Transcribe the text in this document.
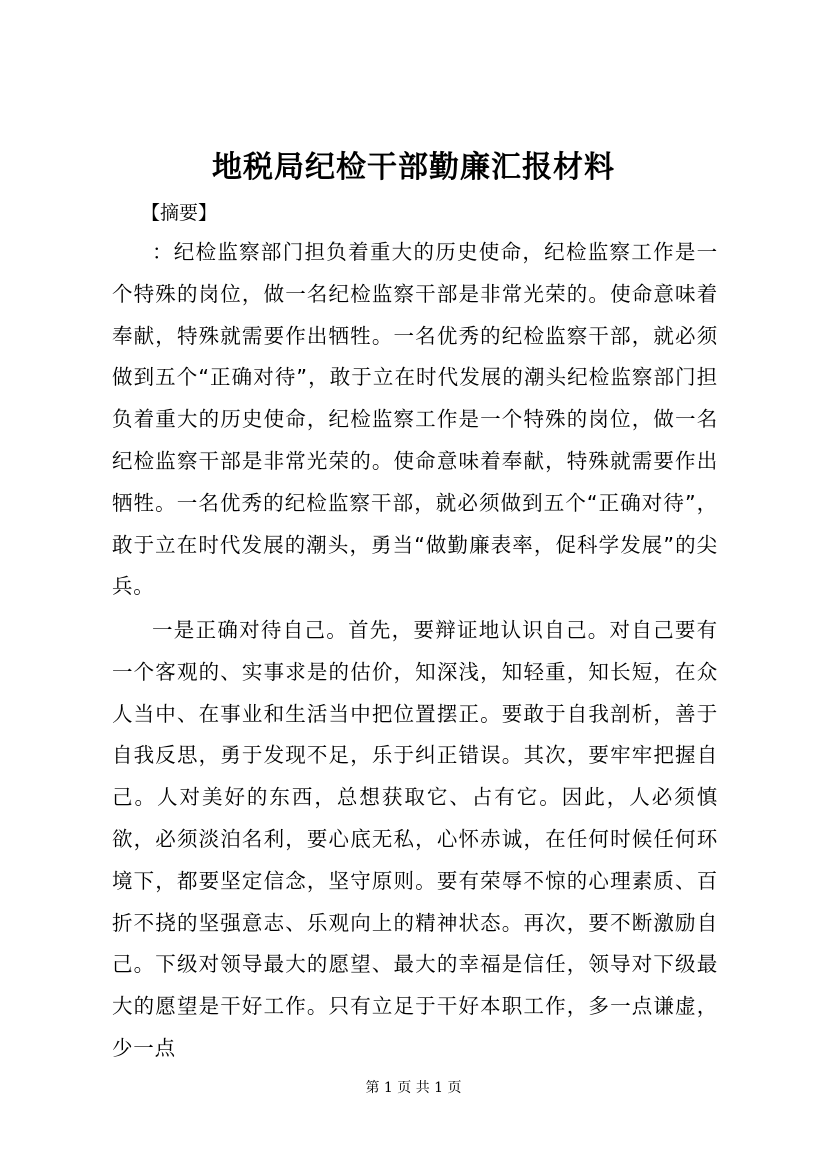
地税局纪检干部勤廉汇报材料
【摘要】

：纪检监察部门担负着重大的历史使命，纪检监察工作是一个特殊的岗位，做一名纪检监察干部是非常光荣的。使命意味着奉献，特殊就需要作出牺牲。一名优秀的纪检监察干部，就必须做到五个“正确对待”，敢于立在时代发展的潮头纪检监察部门担负着重大的历史使命，纪检监察工作是一个特殊的岗位，做一名纪检监察干部是非常光荣的。使命意味着奉献，特殊就需要作出牺牲。一名优秀的纪检监察干部，就必须做到五个“正确对待”，敢于立在时代发展的潮头，勇当“做勤廉表率，促科学发展”的尖兵。

一是正确对待自己。首先，要辩证地认识自己。对自己要有一个客观的、实事求是的估价，知深浅，知轻重，知长短，在众人当中、在事业和生活当中把位置摆正。要敢于自我剖析，善于自我反思，勇于发现不足，乐于纠正错误。其次，要牢牢把握自己。人对美好的东西，总想获取它、占有它。因此，人必须慎欲，必须淡泊名利，要心底无私，心怀赤诚，在任何时候任何环境下，都要坚定信念，坚守原则。要有荣辱不惊的心理素质、百折不挠的坚强意志、乐观向上的精神状态。再次，要不断激励自己。下级对领导最大的愿望、最大的幸福是信任，领导对下级最大的愿望是干好工作。只有立足于干好本职工作，多一点谦虚，少一点

第 1 页 共 1 页
